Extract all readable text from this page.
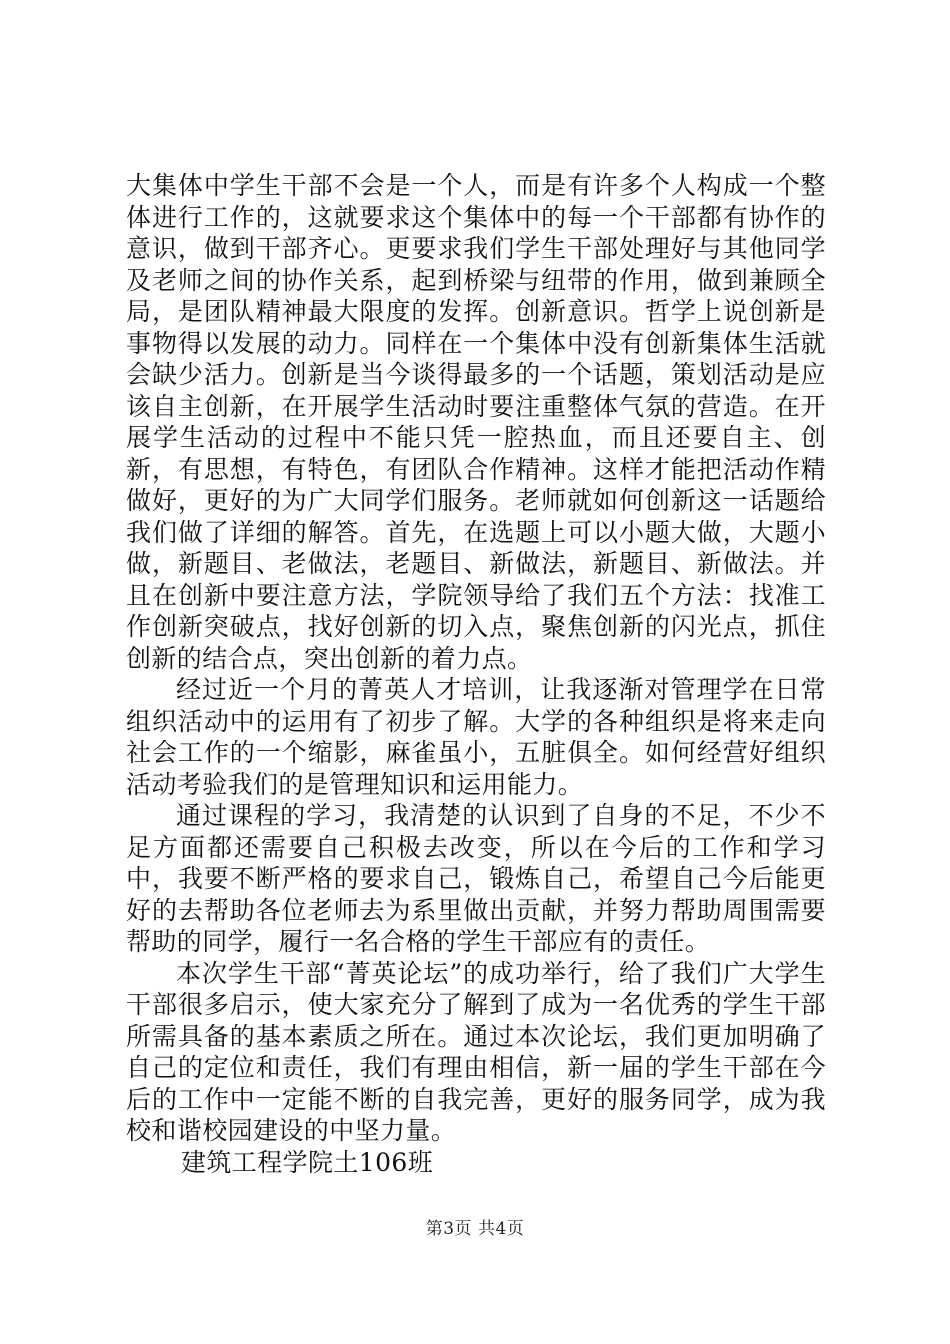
大集体中学生干部不会是一个人，而是有许多个人构成一个整体进行工作的，这就要求这个集体中的每一个干部都有协作的意识，做到干部齐心。更要求我们学生干部处理好与其他同学及老师之间的协作关系，起到桥梁与纽带的作用，做到兼顾全局，是团队精神最大限度的发挥。创新意识。哲学上说创新是事物得以发展的动力。同样在一个集体中没有创新集体生活就会缺少活力。创新是当今谈得最多的一个话题，策划活动是应该自主创新，在开展学生活动时要注重整体气氛的营造。在开展学生活动的过程中不能只凭一腔热血，而且还要自主、创新，有思想，有特色，有团队合作精神。这样才能把活动作精做好，更好的为广大同学们服务。老师就如何创新这一话题给我们做了详细的解答。首先，在选题上可以小题大做，大题小做，新题目、老做法，老题目、新做法，新题目、新做法。并且在创新中要注意方法，学院领导给了我们五个方法：找准工作创新突破点，找好创新的切入点，聚焦创新的闪光点，抓住创新的结合点，突出创新的着力点。

经过近一个月的菁英人才培训，让我逐渐对管理学在日常组织活动中的运用有了初步了解。大学的各种组织是将来走向社会工作的一个缩影，麻雀虽小，五脏俱全。如何经营好组织活动考验我们的是管理知识和运用能力。

通过课程的学习，我清楚的认识到了自身的不足，不少不足方面都还需要自己积极去改变，所以在今后的工作和学习中，我要不断严格的要求自己，锻炼自己，希望自己今后能更好的去帮助各位老师去为系里做出贡献，并努力帮助周围需要帮助的同学，履行一名合格的学生干部应有的责任。

本次学生干部“菁英论坛”的成功举行，给了我们广大学生干部很多启示，使大家充分了解到了成为一名优秀的学生干部所需具备的基本素质之所在。通过本次论坛，我们更加明确了自己的定位和责任，我们有理由相信，新一届的学生干部在今后的工作中一定能不断的自我完善，更好的服务同学，成为我校和谐校园建设的中坚力量。

建筑工程学院土106班

第3页 共4页
